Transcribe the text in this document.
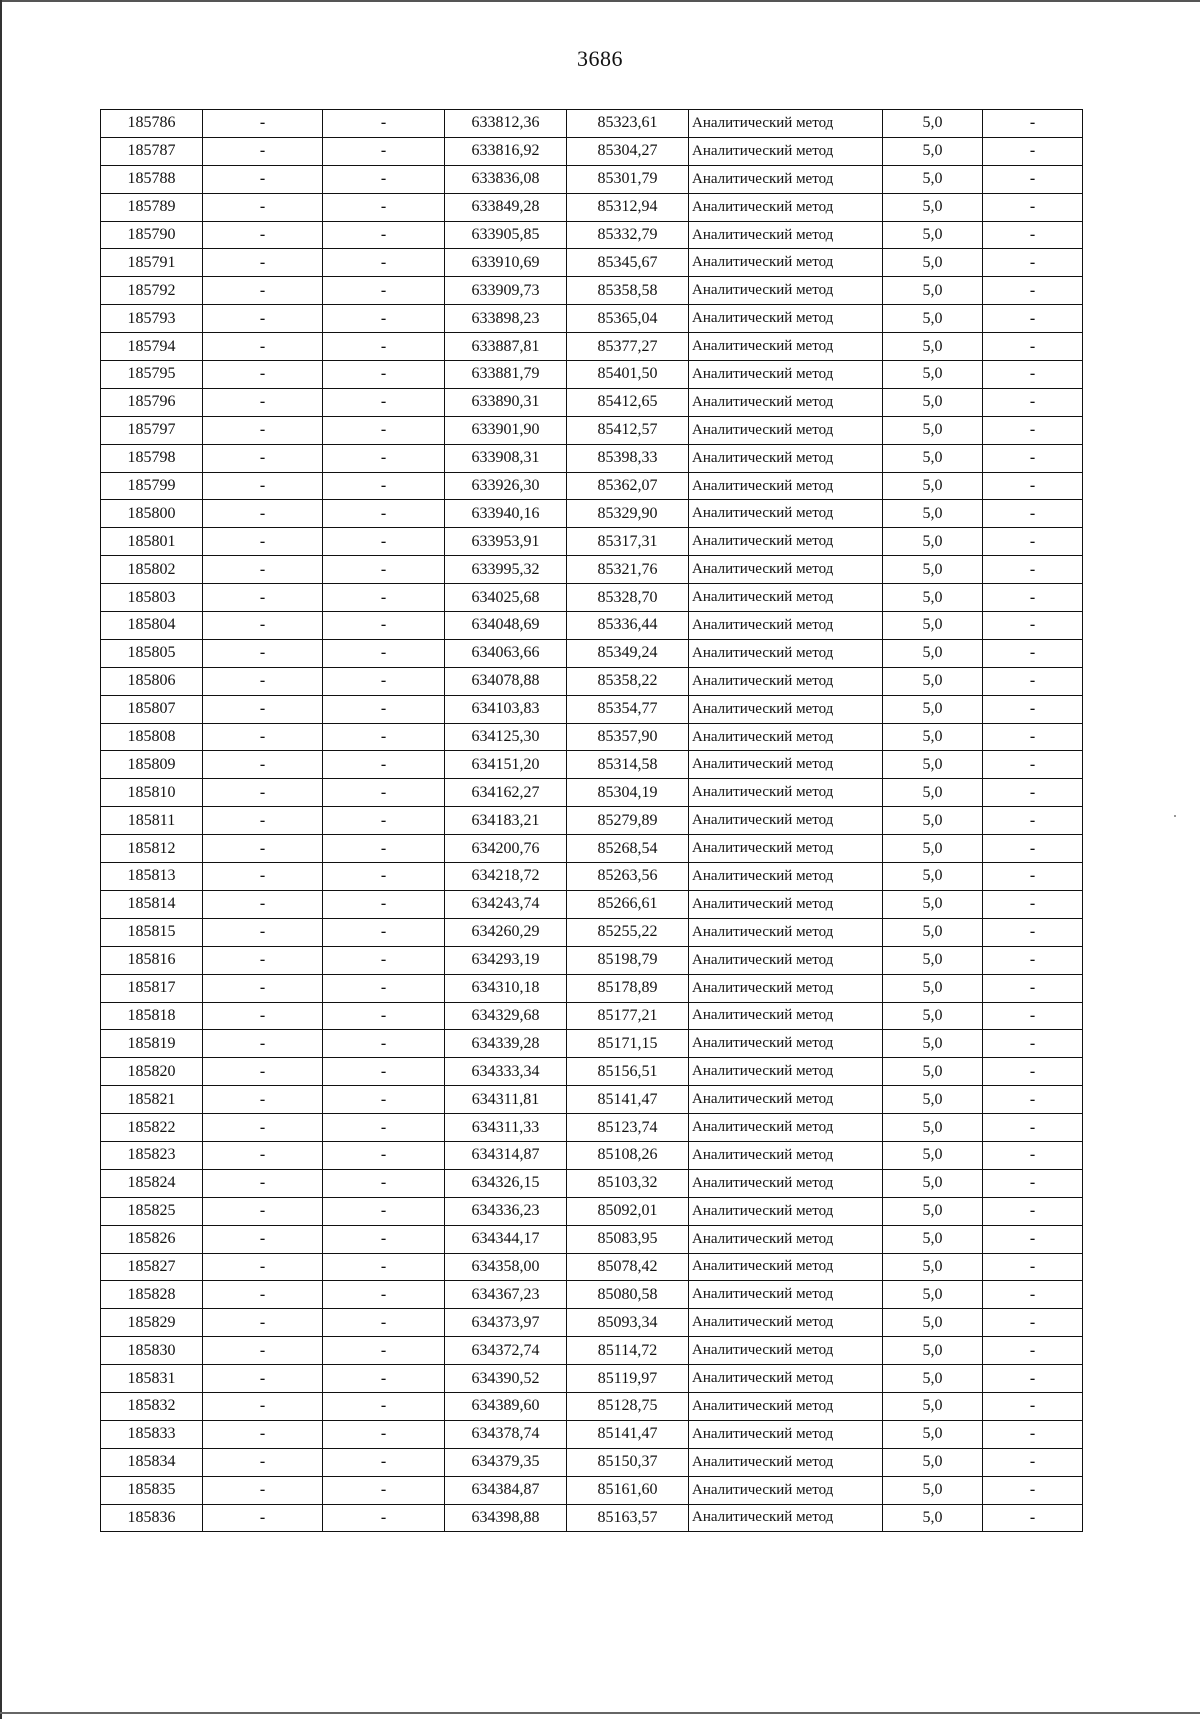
3686
185786	-	-	633812,36	85323,61	Аналитический метод	5,0	-
185787	-	-	633816,92	85304,27	Аналитический метод	5,0	-
185788	-	-	633836,08	85301,79	Аналитический метод	5,0	-
185789	-	-	633849,28	85312,94	Аналитический метод	5,0	-
185790	-	-	633905,85	85332,79	Аналитический метод	5,0	-
185791	-	-	633910,69	85345,67	Аналитический метод	5,0	-
185792	-	-	633909,73	85358,58	Аналитический метод	5,0	-
185793	-	-	633898,23	85365,04	Аналитический метод	5,0	-
185794	-	-	633887,81	85377,27	Аналитический метод	5,0	-
185795	-	-	633881,79	85401,50	Аналитический метод	5,0	-
185796	-	-	633890,31	85412,65	Аналитический метод	5,0	-
185797	-	-	633901,90	85412,57	Аналитический метод	5,0	-
185798	-	-	633908,31	85398,33	Аналитический метод	5,0	-
185799	-	-	633926,30	85362,07	Аналитический метод	5,0	-
185800	-	-	633940,16	85329,90	Аналитический метод	5,0	-
185801	-	-	633953,91	85317,31	Аналитический метод	5,0	-
185802	-	-	633995,32	85321,76	Аналитический метод	5,0	-
185803	-	-	634025,68	85328,70	Аналитический метод	5,0	-
185804	-	-	634048,69	85336,44	Аналитический метод	5,0	-
185805	-	-	634063,66	85349,24	Аналитический метод	5,0	-
185806	-	-	634078,88	85358,22	Аналитический метод	5,0	-
185807	-	-	634103,83	85354,77	Аналитический метод	5,0	-
185808	-	-	634125,30	85357,90	Аналитический метод	5,0	-
185809	-	-	634151,20	85314,58	Аналитический метод	5,0	-
185810	-	-	634162,27	85304,19	Аналитический метод	5,0	-
185811	-	-	634183,21	85279,89	Аналитический метод	5,0	-
185812	-	-	634200,76	85268,54	Аналитический метод	5,0	-
185813	-	-	634218,72	85263,56	Аналитический метод	5,0	-
185814	-	-	634243,74	85266,61	Аналитический метод	5,0	-
185815	-	-	634260,29	85255,22	Аналитический метод	5,0	-
185816	-	-	634293,19	85198,79	Аналитический метод	5,0	-
185817	-	-	634310,18	85178,89	Аналитический метод	5,0	-
185818	-	-	634329,68	85177,21	Аналитический метод	5,0	-
185819	-	-	634339,28	85171,15	Аналитический метод	5,0	-
185820	-	-	634333,34	85156,51	Аналитический метод	5,0	-
185821	-	-	634311,81	85141,47	Аналитический метод	5,0	-
185822	-	-	634311,33	85123,74	Аналитический метод	5,0	-
185823	-	-	634314,87	85108,26	Аналитический метод	5,0	-
185824	-	-	634326,15	85103,32	Аналитический метод	5,0	-
185825	-	-	634336,23	85092,01	Аналитический метод	5,0	-
185826	-	-	634344,17	85083,95	Аналитический метод	5,0	-
185827	-	-	634358,00	85078,42	Аналитический метод	5,0	-
185828	-	-	634367,23	85080,58	Аналитический метод	5,0	-
185829	-	-	634373,97	85093,34	Аналитический метод	5,0	-
185830	-	-	634372,74	85114,72	Аналитический метод	5,0	-
185831	-	-	634390,52	85119,97	Аналитический метод	5,0	-
185832	-	-	634389,60	85128,75	Аналитический метод	5,0	-
185833	-	-	634378,74	85141,47	Аналитический метод	5,0	-
185834	-	-	634379,35	85150,37	Аналитический метод	5,0	-
185835	-	-	634384,87	85161,60	Аналитический метод	5,0	-
185836	-	-	634398,88	85163,57	Аналитический метод	5,0	-
